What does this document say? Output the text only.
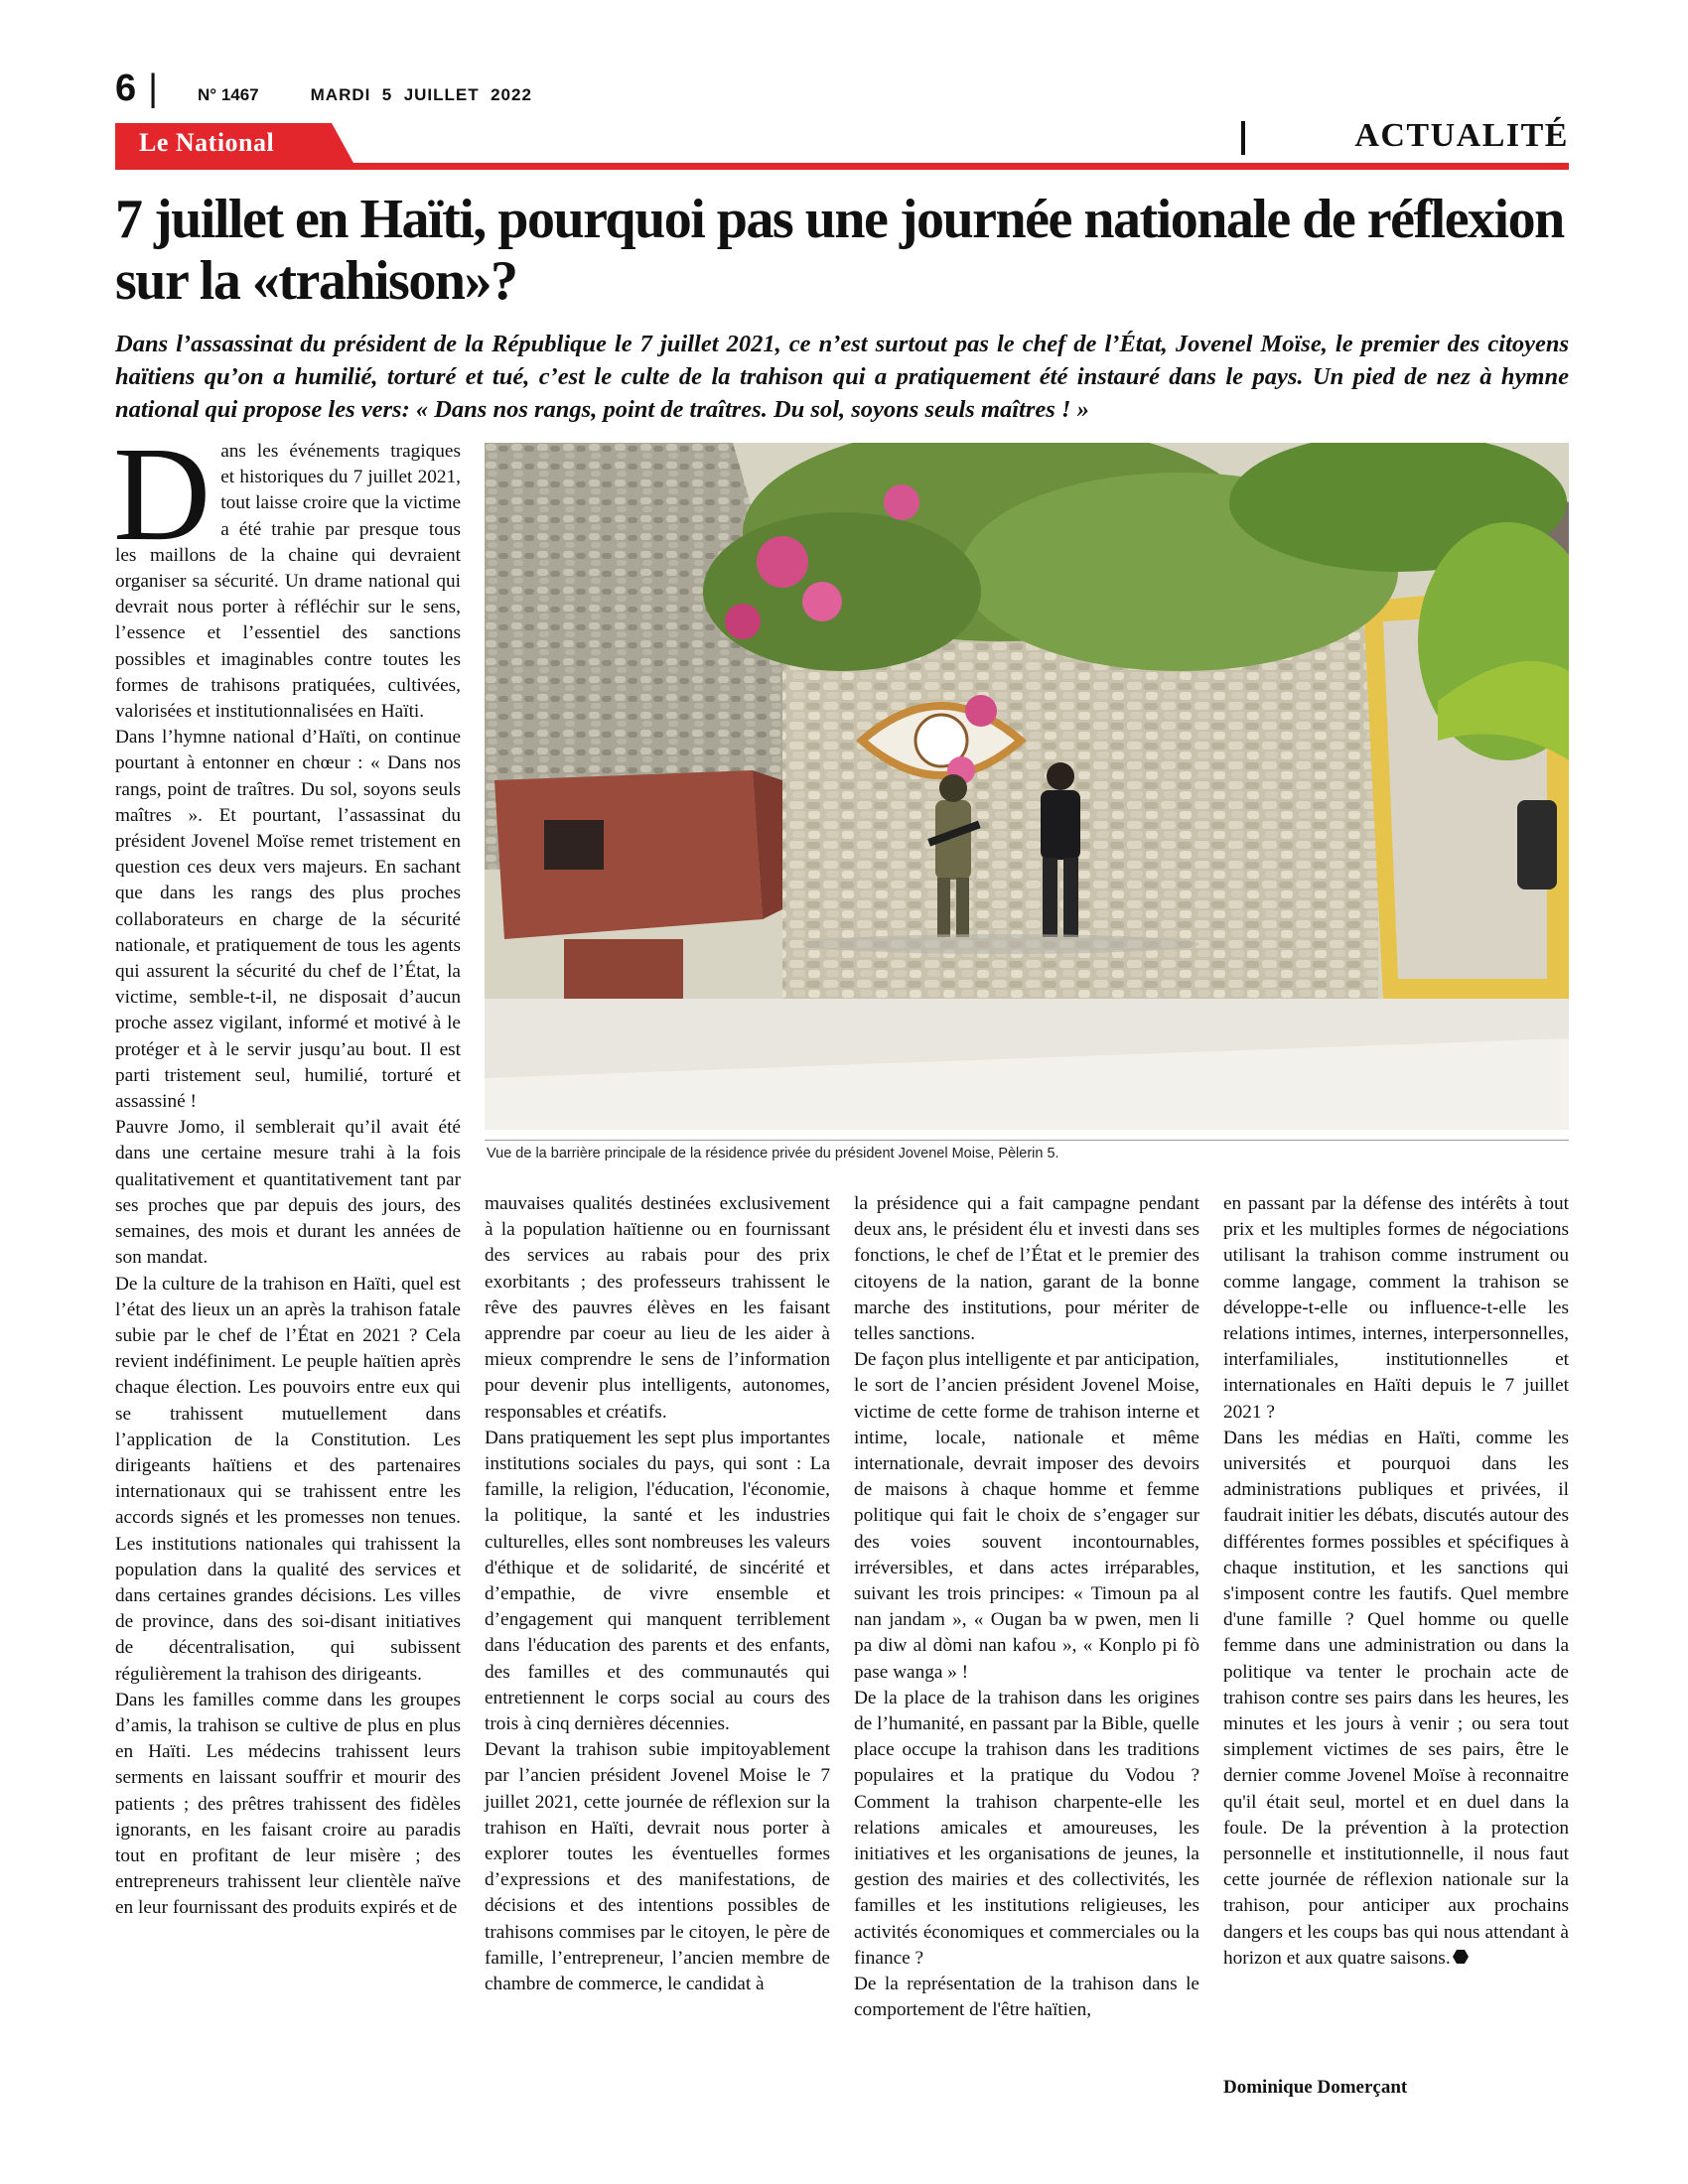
6 | N° 1467	MARDI  5  JUILLET  2022
Le National	ACTUALITÉ
7 juillet en Haïti, pourquoi pas une journée nationale de réflexion sur la «trahison»?

Dans l’assassinat du président de la République le 7 juillet 2021, ce n’est surtout pas le chef de l’État, Jovenel Moïse, le premier des citoyens haïtiens qu’on a humilié, torturé et tué, c’est le culte de la trahison qui a pratiquement été instauré dans le pays. Un pied de nez à hymne national qui propose les vers: « Dans nos rangs, point de traîtres. Du sol, soyons seuls maîtres ! »

Dans les événements tragiques et historiques du 7 juillet 2021, tout laisse croire que la victime a été trahie par presque tous les maillons de la chaine qui devraient organiser sa sécurité. Un drame national qui devrait nous porter à réfléchir sur le sens, l’essence et l’essentiel des sanctions possibles et imaginables contre toutes les formes de trahisons pratiquées, cultivées, valorisées et institutionnalisées en Haïti.

Dans l’hymne national d’Haïti, on continue pourtant à entonner en chœur : « Dans nos rangs, point de traîtres. Du sol, soyons seuls maîtres ». Et pourtant, l’assassinat du président Jovenel Moïse remet tristement en question ces deux vers majeurs. En sachant que dans les rangs des plus proches collaborateurs en charge de la sécurité nationale, et pratiquement de tous les agents qui assurent la sécurité du chef de l’État, la victime, semble-t-il, ne disposait d’aucun proche assez vigilant, informé et motivé à le protéger et à le servir jusqu’au bout. Il est parti tristement seul, humilié, torturé et assassiné !

Pauvre Jomo, il semblerait qu’il avait été dans une certaine mesure trahi à la fois qualitativement et quantitativement tant par ses proches que par depuis des jours, des semaines, des mois et durant les années de son mandat.

De la culture de la trahison en Haïti, quel est l’état des lieux un an après la trahison fatale subie par le chef de l’État en 2021 ? Cela revient indéfiniment. Le peuple haïtien après chaque élection. Les pouvoirs entre eux qui se trahissent mutuellement dans l’application de la Constitution. Les dirigeants haïtiens et des partenaires internationaux qui se trahissent entre les accords signés et les promesses non tenues. Les institutions nationales qui trahissent la population dans la qualité des services et dans certaines grandes décisions. Les villes de province, dans des soi-disant initiatives de décentralisation, qui subissent régulièrement la trahison des dirigeants.

Dans les familles comme dans les groupes d’amis, la trahison se cultive de plus en plus en Haïti. Les médecins trahissent leurs serments en laissant souffrir et mourir des patients ; des prêtres trahissent des fidèles ignorants, en les faisant croire au paradis tout en profitant de leur misère ; des entrepreneurs trahissent leur clientèle naïve en leur fournissant des produits expirés et de

Vue de la barrière principale de la résidence privée du président Jovenel Moise, Pèlerin 5.

mauvaises qualités destinées exclusivement à la population haïtienne ou en fournissant des services au rabais pour des prix exorbitants ; des professeurs trahissent le rêve des pauvres élèves en les faisant apprendre par coeur au lieu de les aider à mieux comprendre le sens de l’information pour devenir plus intelligents, autonomes, responsables et créatifs.

Dans pratiquement les sept plus importantes institutions sociales du pays, qui sont : La famille, la religion, l'éducation, l'économie, la politique, la santé et les industries culturelles, elles sont nombreuses les valeurs d'éthique et de solidarité, de sincérité et d’empathie, de vivre ensemble et d’engagement qui manquent terriblement dans l'éducation des parents et des enfants, des familles et des communautés qui entretiennent le corps social au cours des trois à cinq dernières décennies.

Devant la trahison subie impitoyablement par l’ancien président Jovenel Moise le 7 juillet 2021, cette journée de réflexion sur la trahison en Haïti, devrait nous porter à explorer toutes les éventuelles formes d’expressions et des manifestations, de décisions et des intentions possibles de trahisons commises par le citoyen, le père de famille, l’entrepreneur, l’ancien membre de chambre de commerce, le candidat à

la présidence qui a fait campagne pendant deux ans, le président élu et investi dans ses fonctions, le chef de l’État et le premier des citoyens de la nation, garant de la bonne marche des institutions, pour mériter de telles sanctions.

De façon plus intelligente et par anticipation, le sort de l’ancien président Jovenel Moise, victime de cette forme de trahison interne et intime, locale, nationale et même internationale, devrait imposer des devoirs de maisons à chaque homme et femme politique qui fait le choix de s’engager sur des voies souvent incontournables, irréversibles, et dans actes irréparables, suivant les trois principes: « Timoun pa al nan jandam », « Ougan ba w pwen, men li pa diw al dòmi nan kafou », « Konplo pi fò pase wanga » !

De la place de la trahison dans les origines de l’humanité, en passant par la Bible, quelle place occupe la trahison dans les traditions populaires et la pratique du Vodou ? Comment la trahison charpente-elle les relations amicales et amoureuses, les initiatives et les organisations de jeunes, la gestion des mairies et des collectivités, les familles et les institutions religieuses, les activités économiques et commerciales ou la finance ?

De la représentation de la trahison dans le comportement de l'être haïtien,

en passant par la défense des intérêts à tout prix et les multiples formes de négociations utilisant la trahison comme instrument ou comme langage, comment la trahison se développe-t-elle ou influence-t-elle les relations intimes, internes, interpersonnelles, interfamiliales, institutionnelles et internationales en Haïti depuis le 7 juillet 2021 ?

Dans les médias en Haïti, comme les universités et pourquoi dans les administrations publiques et privées, il faudrait initier les débats, discutés autour des différentes formes possibles et spécifiques à chaque institution, et les sanctions qui s'imposent contre les fautifs. Quel membre d'une famille ? Quel homme ou quelle femme dans une administration ou dans la politique va tenter le prochain acte de trahison contre ses pairs dans les heures, les minutes et les jours à venir ; ou sera tout simplement victimes de ses pairs, être le dernier comme Jovenel Moïse à reconnaitre qu'il était seul, mortel et en duel dans la foule. De la prévention à la protection personnelle et institutionnelle, il nous faut cette journée de réflexion nationale sur la trahison, pour anticiper aux prochains dangers et les coups bas qui nous attendant à horizon et aux quatre saisons.

Dominique Domerçant
